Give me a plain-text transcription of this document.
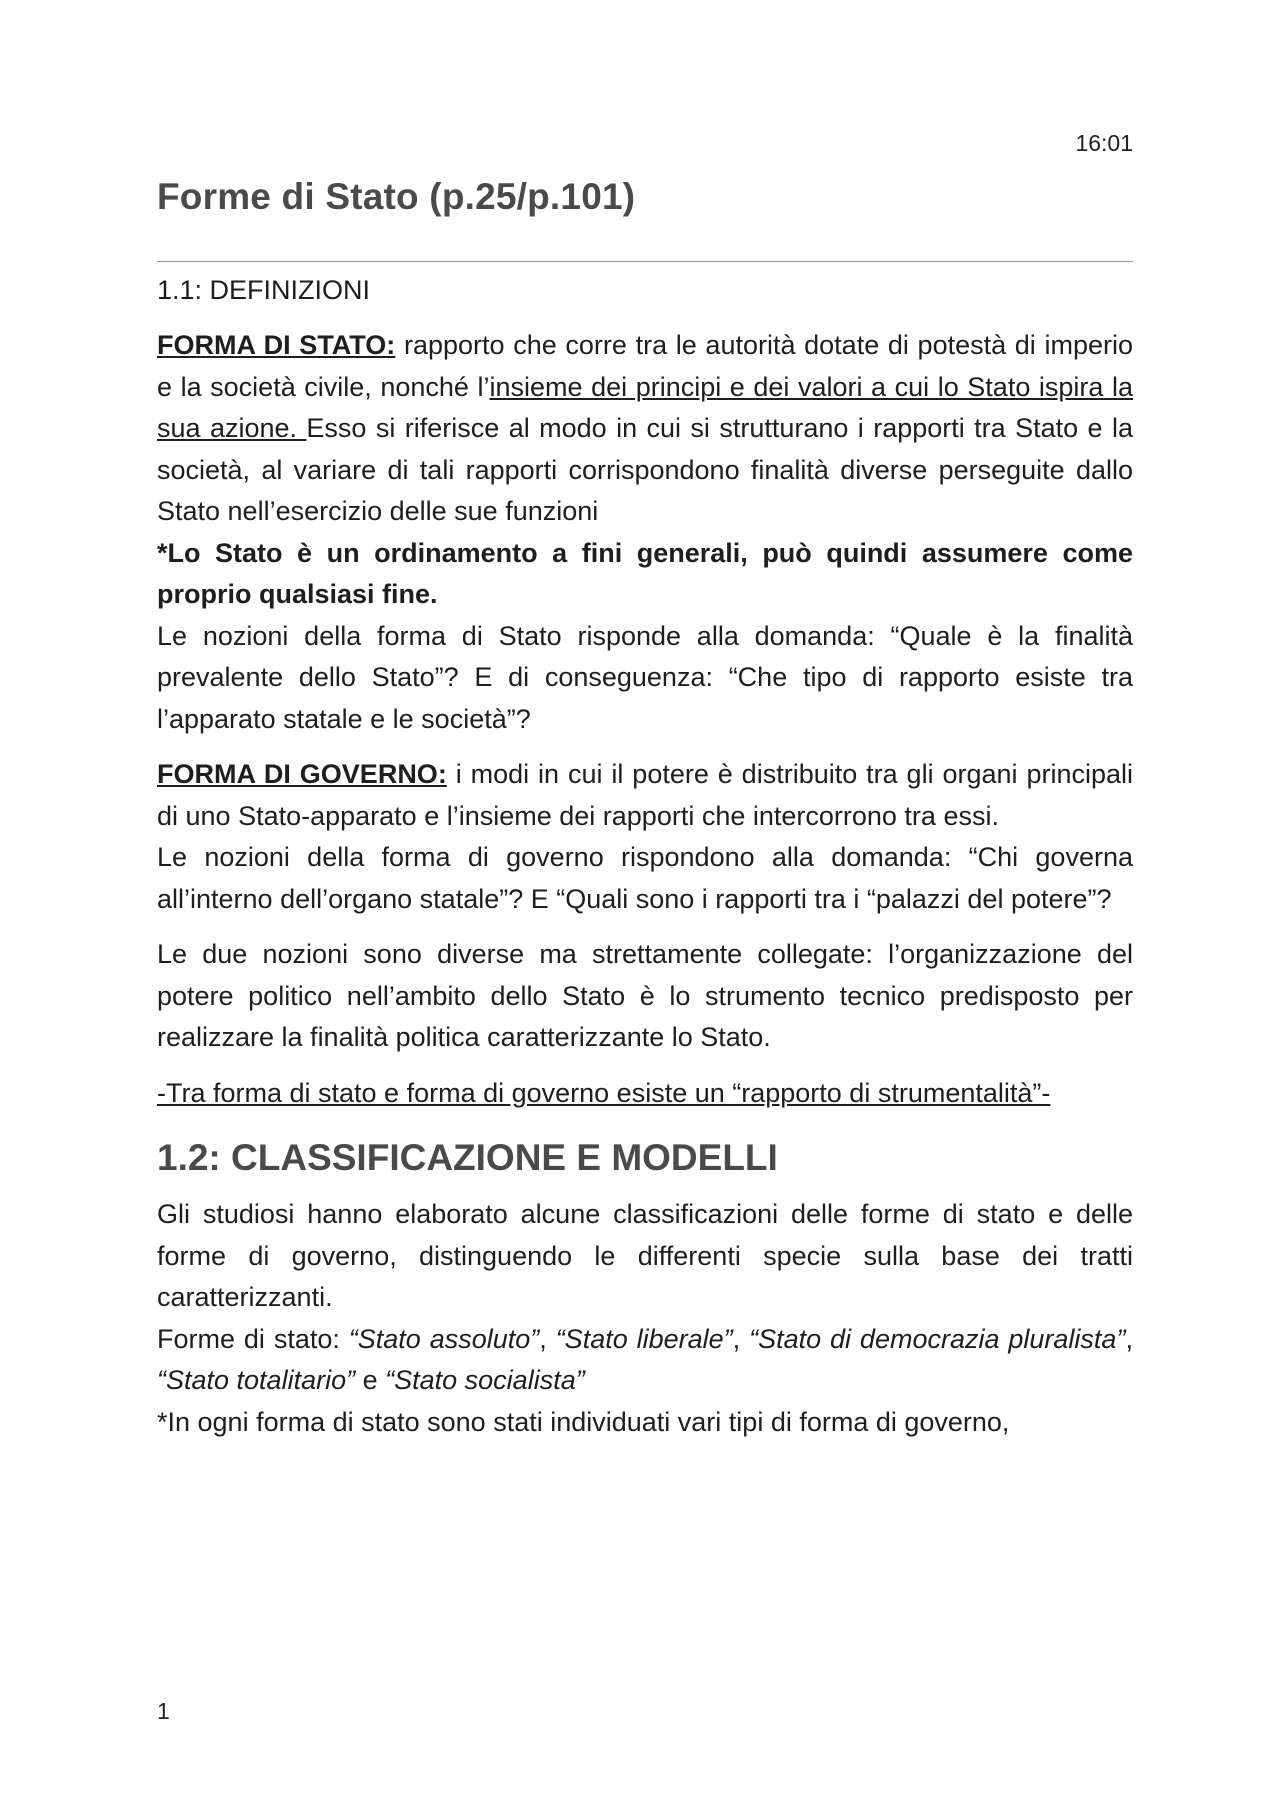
16:01
Forme di Stato (p.25/p.101)
1.1: DEFINIZIONI

FORMA DI STATO: rapporto che corre tra le autorità dotate di potestà di imperio e la società civile, nonché l’insieme dei principi e dei valori a cui lo Stato ispira la sua azione. Esso si riferisce al modo in cui si strutturano i rapporti tra Stato e la società, al variare di tali rapporti corrispondono finalità diverse perseguite dallo Stato nell’esercizio delle sue funzioni

*Lo Stato è un ordinamento a fini generali, può quindi assumere come proprio qualsiasi fine.

Le nozioni della forma di Stato risponde alla domanda: “Quale è la finalità prevalente dello Stato”? E di conseguenza: “Che tipo di rapporto esiste tra l’apparato statale e le società”?

FORMA DI GOVERNO: i modi in cui il potere è distribuito tra gli organi principali di uno Stato-apparato e l’insieme dei rapporti che intercorrono tra essi.

Le nozioni della forma di governo rispondono alla domanda: “Chi governa all’interno dell’organo statale”? E “Quali sono i rapporti tra i “palazzi del potere”?

Le due nozioni sono diverse ma strettamente collegate: l’organizzazione del potere politico nell’ambito dello Stato è lo strumento tecnico predisposto per realizzare la finalità politica caratterizzante lo Stato.

-Tra forma di stato e forma di governo esiste un “rapporto di strumentalità”-

1.2: CLASSIFICAZIONE E MODELLI

Gli studiosi hanno elaborato alcune classificazioni delle forme di stato e delle forme di governo, distinguendo le differenti specie sulla base dei tratti caratterizzanti.

Forme di stato: “Stato assoluto”, “Stato liberale”, “Stato di democrazia pluralista”, “Stato totalitario” e “Stato socialista”

*In ogni forma di stato sono stati individuati vari tipi di forma di governo,

1
